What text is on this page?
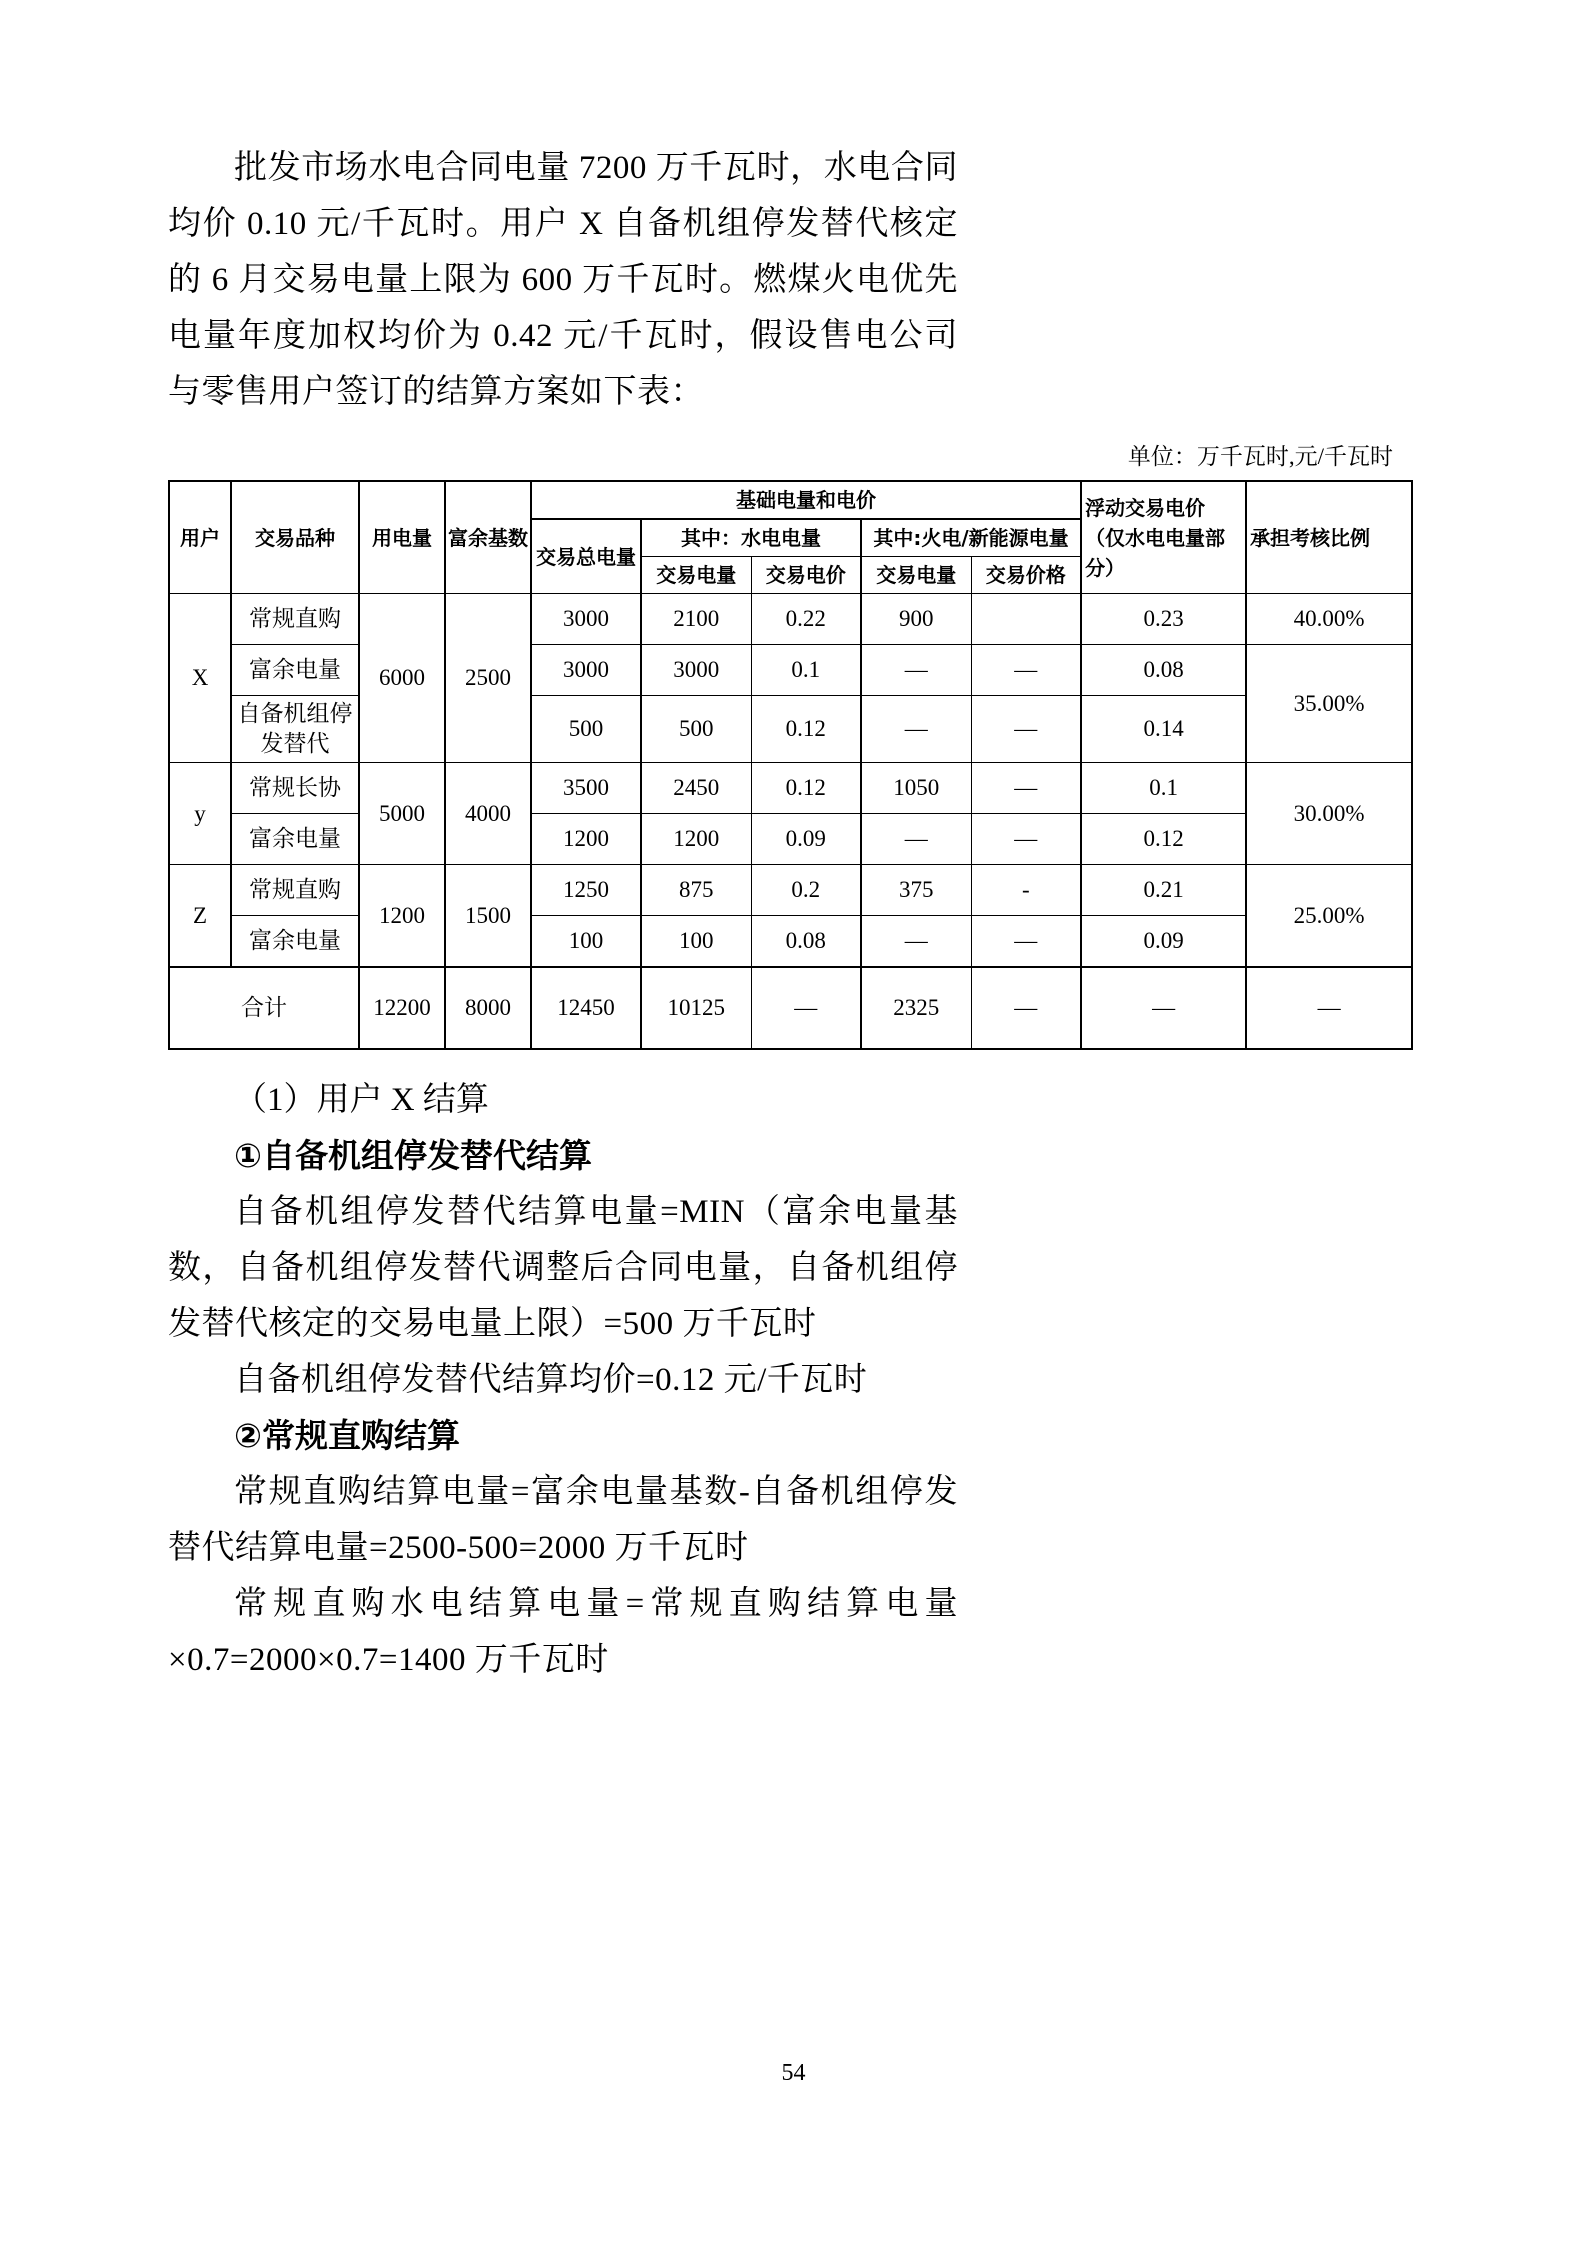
批发市场水电合同电量 7200 万千瓦时，水电合同均价 0.10 元/千瓦时。用户 X 自备机组停发替代核定的 6 月交易电量上限为 600 万千瓦时。燃煤火电优先电量年度加权均价为 0.42 元/千瓦时，假设售电公司与零售用户签订的结算方案如下表：

单位：万千瓦时,元/千瓦时
用户	交易品种	用电量	富余基数	基础电量和电价					浮动交易电价（仅水电电量部分）	承担考核比例
				交易总电量	其中：水电电量		其中:火电/新能源电量			
					交易电量	交易电价	交易电量	交易价格		
X	常规直购	6000	2500	3000	2100	0.22	900		0.23	40.00%
	富余电量			3000	3000	0.1	—	—	0.08	35.00%
	自备机组停发替代			500	500	0.12	—	—	0.14	
y	常规长协	5000	4000	3500	2450	0.12	1050	—	0.1	30.00%
	富余电量			1200	1200	0.09	—	—	0.12	
Z	常规直购	1200	1500	1250	875	0.2	375	-	0.21	25.00%
	富余电量			100	100	0.08	—	—	0.09	
合计		12200	8000	12450	10125	—	2325	—	—	—

（1）用户 X 结算

①自备机组停发替代结算

自备机组停发替代结算电量=MIN（富余电量基数，自备机组停发替代调整后合同电量，自备机组停发替代核定的交易电量上限）=500 万千瓦时

自备机组停发替代结算均价=0.12 元/千瓦时

②常规直购结算

常规直购结算电量=富余电量基数-自备机组停发替代结算电量=2500-500=2000 万千瓦时

常规直购水电结算电量=常规直购结算电量×0.7=2000×0.7=1400 万千瓦时

54
